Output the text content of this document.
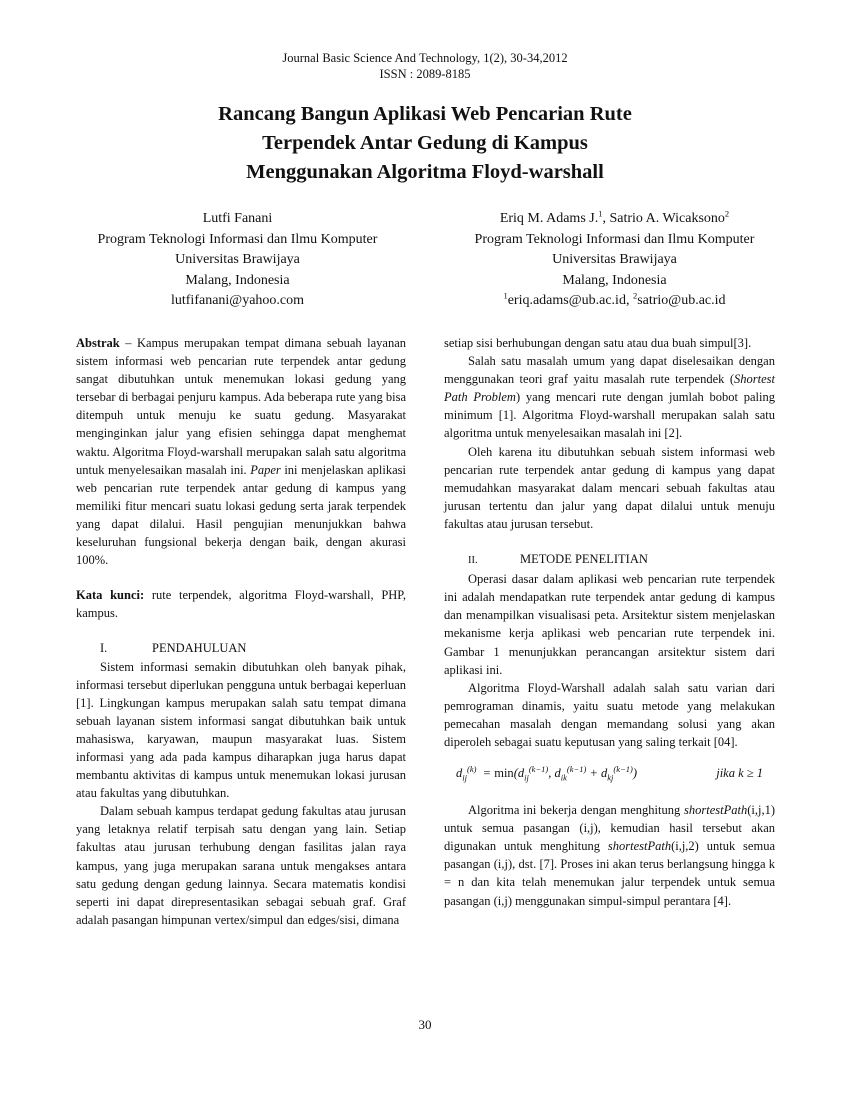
Journal Basic Science And Technology, 1(2), 30-34,2012
ISSN : 2089-8185
Rancang Bangun Aplikasi Web Pencarian Rute
Terpendek Antar Gedung di Kampus
Menggunakan Algoritma Floyd-warshall
Lutfi Fanani
Program Teknologi Informasi dan Ilmu Komputer
Universitas Brawijaya
Malang, Indonesia
lutfifanani@yahoo.com
Eriq M. Adams J.$^1$, Satrio A. Wicaksono$^2$
Program Teknologi Informasi dan Ilmu Komputer
Universitas Brawijaya
Malang, Indonesia
$^1$eriq.adams@ub.ac.id, $^2$satrio@ub.ac.id

Abstrak – Kampus merupakan tempat dimana sebuah layanan sistem informasi web pencarian rute terpendek antar gedung sangat dibutuhkan untuk menemukan lokasi gedung yang tersebar di berbagai penjuru kampus. Ada beberapa rute yang bisa ditempuh untuk menuju ke suatu gedung. Masyarakat menginginkan jalur yang efisien sehingga dapat menghemat waktu. Algoritma Floyd-warshall merupakan salah satu algoritma untuk menyelesaikan masalah ini. Paper ini menjelaskan aplikasi web pencarian rute terpendek antar gedung di kampus yang memiliki fitur mencari suatu lokasi gedung serta jarak terpendek yang dapat dilalui. Hasil pengujian menunjukkan bahwa keseluruhan fungsional bekerja dengan baik, dengan akurasi 100%.

Kata kunci: rute terpendek, algoritma Floyd-warshall, PHP, kampus.

I.	PENDAHULUAN

Sistem informasi semakin dibutuhkan oleh banyak pihak, informasi tersebut diperlukan pengguna untuk berbagai keperluan [1]. Lingkungan kampus merupakan salah satu tempat dimana sebuah layanan sistem informasi sangat dibutuhkan baik untuk mahasiswa, karyawan, maupun masyarakat luas. Sistem informasi yang ada pada kampus diharapkan juga harus dapat membantu aktivitas di kampus untuk menemukan lokasi jurusan atau fakultas yang dibutuhkan.

Dalam sebuah kampus terdapat gedung fakultas atau jurusan yang letaknya relatif terpisah satu dengan yang lain. Setiap fakultas atau jurusan terhubung dengan fasilitas jalan raya kampus, yang juga merupakan sarana untuk mengakses antara satu gedung dengan gedung lainnya. Secara matematis kondisi seperti ini dapat direpresentasikan sebagai sebuah graf. Graf adalah pasangan himpunan vertex/simpul dan edges/sisi, dimana

setiap sisi berhubungan dengan satu atau dua buah simpul[3].

Salah satu masalah umum yang dapat diselesaikan dengan menggunakan teori graf yaitu masalah rute terpendek (Shortest Path Problem) yang mencari rute dengan jumlah bobot paling minimum [1]. Algoritma Floyd-warshall merupakan salah satu algoritma untuk menyelesaikan masalah ini [2].

Oleh karena itu dibutuhkan sebuah sistem informasi web pencarian rute terpendek antar gedung di kampus yang dapat memudahkan masyarakat dalam mencari sebuah fakultas atau jurusan tertentu dan jalur yang dapat dilalui untuk menuju fakultas atau jurusan tersebut.

II.	METODE PENELITIAN

Operasi dasar dalam aplikasi web pencarian rute terpendek ini adalah mendapatkan rute terpendek antar gedung di kampus dan menampilkan visualisasi peta. Arsitektur sistem menjelaskan mekanisme kerja aplikasi web pencarian rute terpendek ini. Gambar 1 menunjukkan perancangan arsitektur sistem dari aplikasi ini.

Algoritma Floyd-Warshall adalah salah satu varian dari pemrograman dinamis, yaitu suatu metode yang melakukan pemecahan masalah dengan memandang solusi yang akan diperoleh sebagai suatu keputusan yang saling terkait [04].

$d_{ij}^{(k)} = \min(d_{ij}^{(k-1)}$, $d_{ik}^{(k-1)} + d_{kj}^{(k-1)}$)	jika k ≥ 1

Algoritma ini bekerja dengan menghitung shortestPath(i,j,1) untuk semua pasangan (i,j), kemudian hasil tersebut akan digunakan untuk menghitung shortestPath(i,j,2) untuk semua pasangan (i,j), dst. [7]. Proses ini akan terus berlangsung hingga k = n dan kita telah menemukan jalur terpendek untuk semua pasangan (i,j) menggunakan simpul-simpul perantara [4].

30
